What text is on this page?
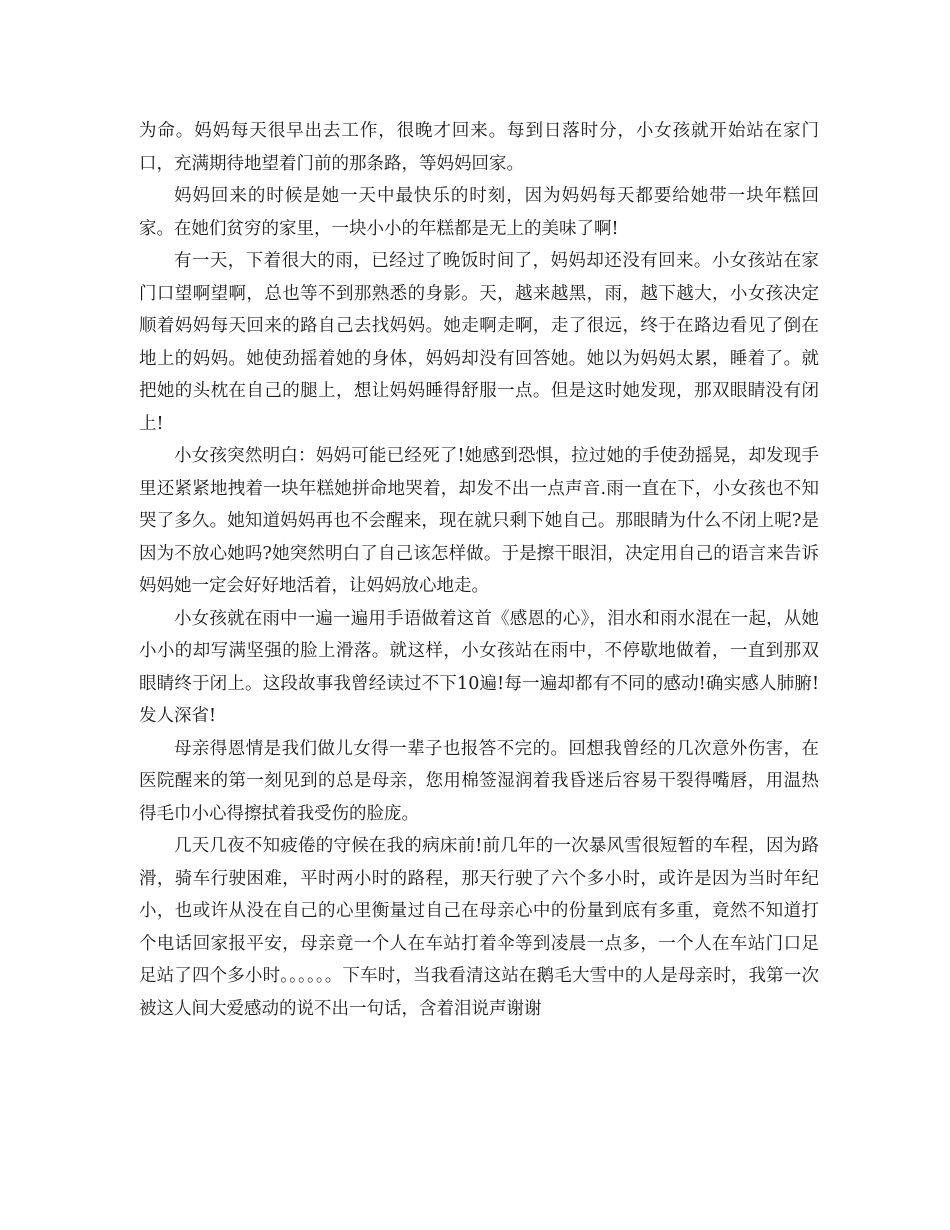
为命。妈妈每天很早出去工作，很晚才回来。每到日落时分，小女孩就开始站在家门口，充满期待地望着门前的那条路，等妈妈回家。

妈妈回来的时候是她一天中最快乐的时刻，因为妈妈每天都要给她带一块年糕回家。在她们贫穷的家里，一块小小的年糕都是无上的美味了啊!

有一天，下着很大的雨，已经过了晚饭时间了，妈妈却还没有回来。小女孩站在家门口望啊望啊，总也等不到那熟悉的身影。天，越来越黑，雨，越下越大，小女孩决定顺着妈妈每天回来的路自己去找妈妈。她走啊走啊，走了很远，终于在路边看见了倒在地上的妈妈。她使劲摇着她的身体，妈妈却没有回答她。她以为妈妈太累，睡着了。就把她的头枕在自己的腿上，想让妈妈睡得舒服一点。但是这时她发现，那双眼睛没有闭上!

小女孩突然明白：妈妈可能已经死了!她感到恐惧，拉过她的手使劲摇晃，却发现手里还紧紧地拽着一块年糕她拼命地哭着，却发不出一点声音.雨一直在下，小女孩也不知哭了多久。她知道妈妈再也不会醒来，现在就只剩下她自己。那眼睛为什么不闭上呢?是因为不放心她吗?她突然明白了自己该怎样做。于是擦干眼泪，决定用自己的语言来告诉妈妈她一定会好好地活着，让妈妈放心地走。

小女孩就在雨中一遍一遍用手语做着这首《感恩的心》，泪水和雨水混在一起，从她小小的却写满坚强的脸上滑落。就这样，小女孩站在雨中，不停歇地做着，一直到那双眼睛终于闭上。这段故事我曾经读过不下10遍!每一遍却都有不同的感动!确实感人肺腑!发人深省!

母亲得恩情是我们做儿女得一辈子也报答不完的。回想我曾经的几次意外伤害，在医院醒来的第一刻见到的总是母亲，您用棉签湿润着我昏迷后容易干裂得嘴唇，用温热得毛巾小心得擦拭着我受伤的脸庞。

几天几夜不知疲倦的守候在我的病床前!前几年的一次暴风雪很短暂的车程，因为路滑，骑车行驶困难，平时两小时的路程，那天行驶了六个多小时，或许是因为当时年纪小，也或许从没在自己的心里衡量过自己在母亲心中的份量到底有多重，竟然不知道打个电话回家报平安，母亲竟一个人在车站打着伞等到凌晨一点多，一个人在车站门口足足站了四个多小时。。。。。。下车时，当我看清这站在鹅毛大雪中的人是母亲时，我第一次被这人间大爱感动的说不出一句话，含着泪说声谢谢
